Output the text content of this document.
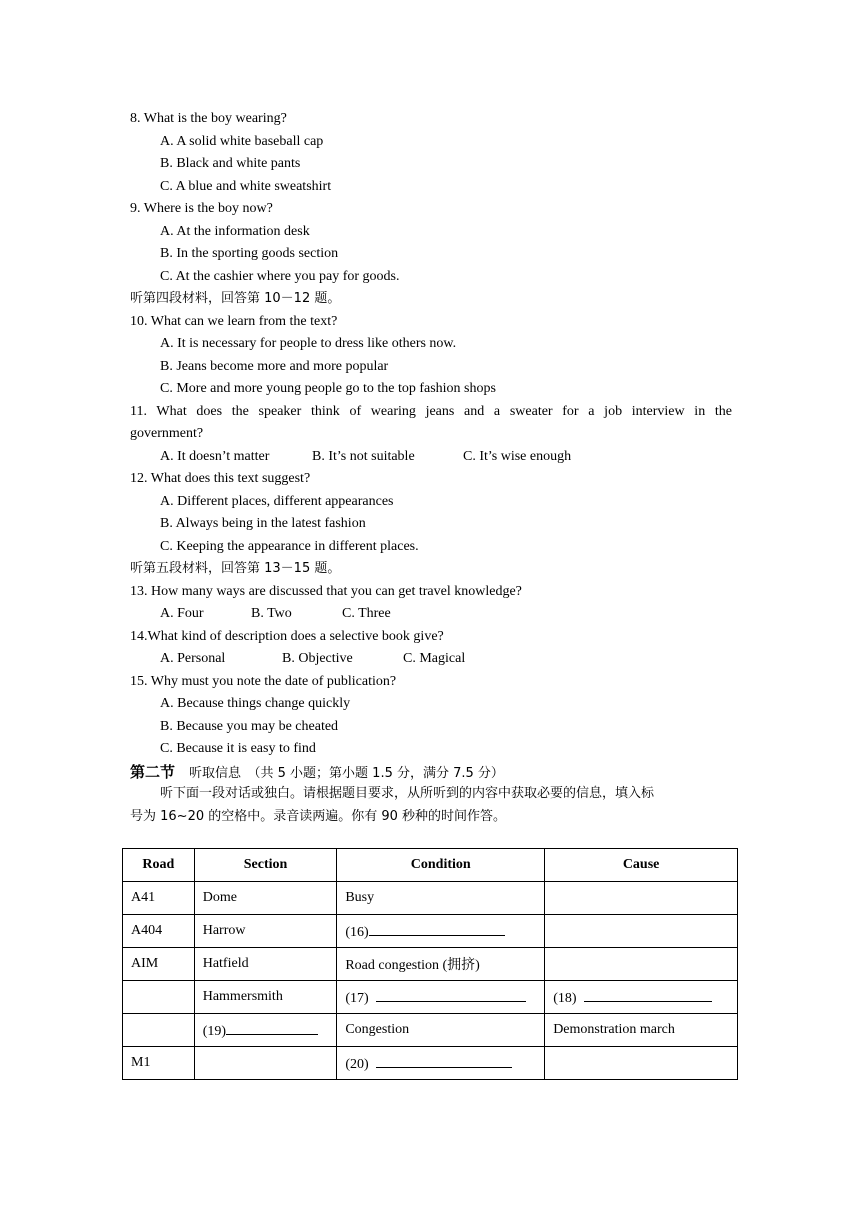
8. What is the boy wearing?
A. A solid white baseball cap
B. Black and white pants
C. A blue and white sweatshirt
9. Where is the boy now?
A. At the information desk
B. In the sporting goods section
C. At the cashier where you pay for goods.
听第四段材料，回答第 10－12 题。
10. What can we learn from the text?
A. It is necessary for people to dress like others now.
B. Jeans become more and more popular
C. More and more young people go to the top fashion shops
11. What does the speaker think of wearing jeans and a sweater for a job interview in the
government?
A. It doesn’t matter	B. It’s not suitable	C. It’s wise enough
12. What does this text suggest?
A. Different places, different appearances
B. Always being in the latest fashion
C. Keeping the appearance in different places.
听第五段材料，回答第 13－15 题。
13. How many ways are discussed that you can get travel knowledge?
A. Four	B. Two	C. Three
14.What kind of description does a selective book give?
A. Personal	B. Objective	C. Magical
15. Why must you note the date of publication?
A. Because things change quickly
B. Because you may be cheated
C. Because it is easy to find
第二节 听取信息　（共 5 小题；第小题 1.5 分，满分 7.5 分）
听下面一段对话或独白。请根据题目要求，从所听到的内容中获取必要的信息，填入标
号为 16~20 的空格中。录音读两遍。你有 90 秒种的时间作答。
Road	Section	Condition	Cause
A41	Dome	Busy	
A404	Harrow	(16)	
AIM	Hatfield	Road congestion (拥挤)	
	Hammersmith	(17)	(18)
	(19)	Congestion	Demonstration march
M1		(20)	
